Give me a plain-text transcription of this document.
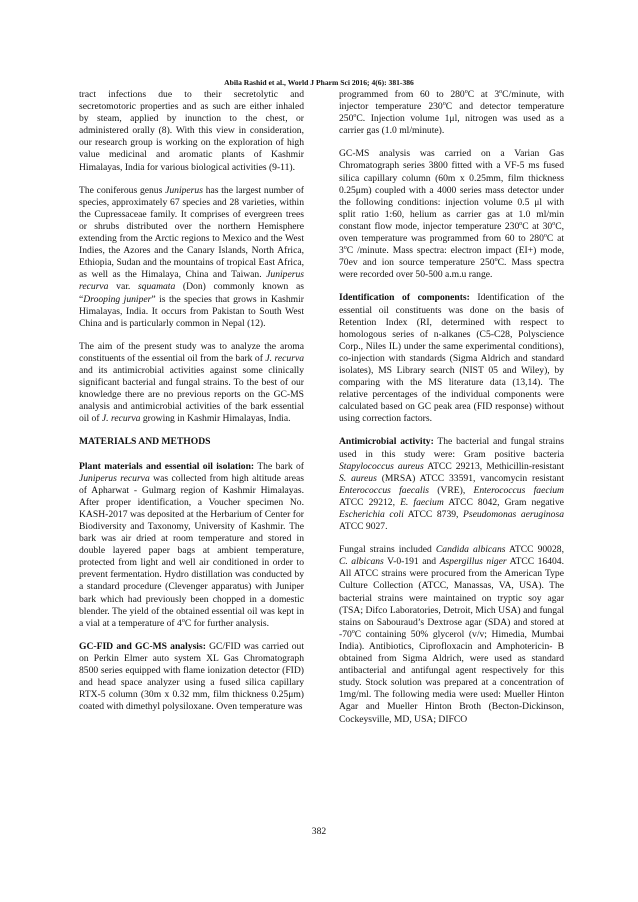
Abila Rashid et al., World J Pharm Sci 2016; 4(6): 381-386

tract infections due to their secretolytic and secretomotoric properties and as such are either inhaled by steam, applied by inunction to the chest, or administered orally (8). With this view in consideration, our research group is working on the exploration of high value medicinal and aromatic plants of Kashmir Himalayas, India for various biological activities (9-11).

The coniferous genus Juniperus has the largest number of species, approximately 67 species and 28 varieties, within the Cupressaceae family. It comprises of evergreen trees or shrubs distributed over the northern Hemisphere extending from the Arctic regions to Mexico and the West Indies, the Azores and the Canary Islands, North Africa, Ethiopia, Sudan and the mountains of tropical East Africa, as well as the Himalaya, China and Taiwan. Juniperus recurva var. squamata (Don) commonly known as “Drooping juniper” is the species that grows in Kashmir Himalayas, India. It occurs from Pakistan to South West China and is particularly common in Nepal (12).

The aim of the present study was to analyze the aroma constituents of the essential oil from the bark of J. recurva and its antimicrobial activities against some clinically significant bacterial and fungal strains. To the best of our knowledge there are no previous reports on the GC-MS analysis and antimicrobial activities of the bark essential oil of J. recurva growing in Kashmir Himalayas, India.

MATERIALS AND METHODS

Plant materials and essential oil isolation: The bark of Juniperus recurva was collected from high altitude areas of Apharwat - Gulmarg region of Kashmir Himalayas. After proper identification, a Voucher specimen No. KASH-2017 was deposited at the Herbarium of Center for Biodiversity and Taxonomy, University of Kashmir. The bark was air dried at room temperature and stored in double layered paper bags at ambient temperature, protected from light and well air conditioned in order to prevent fermentation. Hydro distillation was conducted by a standard procedure (Clevenger apparatus) with Juniper bark which had previously been chopped in a domestic blender. The yield of the obtained essential oil was kept in a vial at a temperature of 4$^o$C for further analysis.

GC-FID and GC-MS analysis: GC/FID was carried out on Perkin Elmer auto system XL Gas Chromatograph 8500 series equipped with flame ionization detector (FID) and head space analyzer using a fused silica capillary RTX-5 column (30m x 0.32 mm, film thickness 0.25μm) coated with dimethyl polysiloxane. Oven temperature was

programmed from 60 to 280$^o$C at 3$^o$C/minute, with injector temperature 230$^o$C and detector temperature 250$^o$C. Injection volume 1μl, nitrogen was used as a carrier gas (1.0 ml/minute).

GC-MS analysis was carried on a Varian Gas Chromatograph series 3800 fitted with a VF-5 ms fused silica capillary column (60m x 0.25mm, film thickness 0.25μm) coupled with a 4000 series mass detector under the following conditions: injection volume 0.5 μl with split ratio 1:60, helium as carrier gas at 1.0 ml/min constant flow mode, injector temperature 230$^o$C at 30$^o$C, oven temperature was programmed from 60 to 280$^o$C at 3$^o$C /minute. Mass spectra: electron impact (EI+) mode, 70ev and ion source temperature 250$^o$C. Mass spectra were recorded over 50-500 a.m.u range.

Identification of components: Identification of the essential oil constituents was done on the basis of Retention Index (RI, determined with respect to homologous series of n-alkanes (C5-C28, Polyscience Corp., Niles IL) under the same experimental conditions), co-injection with standards (Sigma Aldrich and standard isolates), MS Library search (NIST 05 and Wiley), by comparing with the MS literature data (13,14). The relative percentages of the individual components were calculated based on GC peak area (FID response) without using correction factors.

Antimicrobial activity: The bacterial and fungal strains used in this study were: Gram positive bacteria Stapylococcus aureus ATCC 29213, Methicillin-resistant S. aureus (MRSA) ATCC 33591, vancomycin resistant Enterococcus faecalis (VRE), Enterococcus faecium ATCC 29212, E. faecium ATCC 8042, Gram negative Escherichia coli ATCC 8739, Pseudomonas aeruginosa ATCC 9027.

Fungal strains included Candida albicans ATCC 90028, C. albicans V-0-191 and Aspergillus niger ATCC 16404. All ATCC strains were procured from the American Type Culture Collection (ATCC, Manassas, VA, USA). The bacterial strains were maintained on tryptic soy agar (TSA; Difco Laboratories, Detroit, Mich USA) and fungal stains on Sabouraud’s Dextrose agar (SDA) and stored at -70$^o$C containing 50% glycerol (v/v; Himedia, Mumbai India). Antibiotics, Ciprofloxacin and Amphotericin- B obtained from Sigma Aldrich, were used as standard antibacterial and antifungal agent respectively for this study. Stock solution was prepared at a concentration of 1mg/ml. The following media were used: Mueller Hinton Agar and Mueller Hinton Broth (Becton-Dickinson, Cockeysville, MD, USA; DIFCO

382
